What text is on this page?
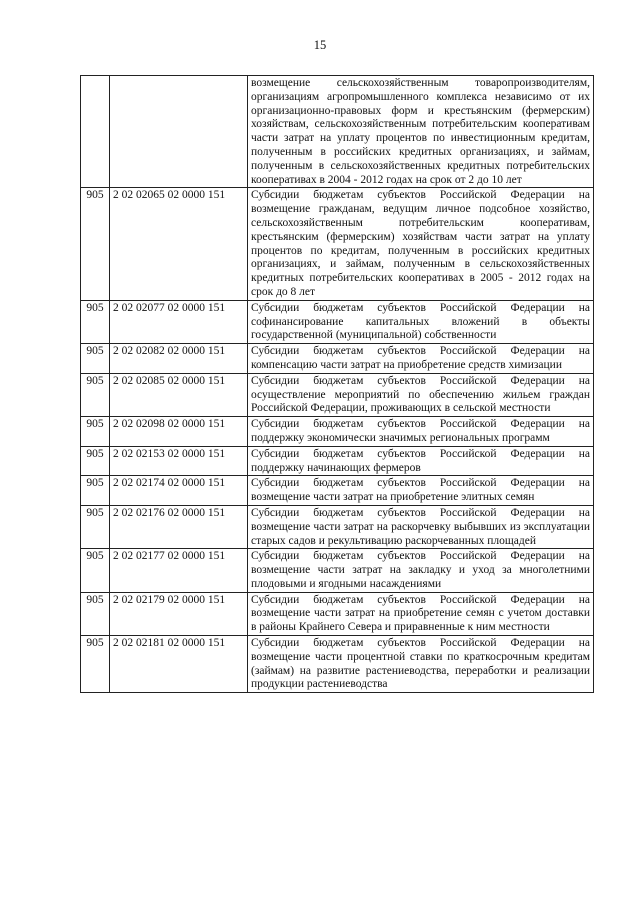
15
		возмещение сельскохозяйственным товаропроизводителям, организациям агропромышленного комплекса независимо от их организационно-правовых форм и крестьянским (фермерским) хозяйствам, сельскохозяйственным потребительским кооперативам части затрат на уплату процентов по инвестиционным кредитам, полученным в российских кредитных организациях, и займам, полученным в сельскохозяйственных кредитных потребительских кооперативах в 2004 - 2012 годах на срок от 2 до 10 лет
905	2 02 02065 02 0000 151	Субсидии бюджетам субъектов Российской Федерации на возмещение гражданам, ведущим личное подсобное хозяйство, сельскохозяйственным потребительским кооперативам, крестьянским (фермерским) хозяйствам части затрат на уплату процентов по кредитам, полученным в российских кредитных организациях, и займам, полученным в сельскохозяйственных кредитных потребительских кооперативах в 2005 - 2012 годах на срок до 8 лет
905	2 02 02077 02 0000 151	Субсидии бюджетам субъектов Российской Федерации на софинансирование капитальных вложений в объекты государственной (муниципальной) собственности
905	2 02 02082 02 0000 151	Субсидии бюджетам субъектов Российской Федерации на компенсацию части затрат на приобретение средств химизации
905	2 02 02085 02 0000 151	Субсидии бюджетам субъектов Российской Федерации на осуществление мероприятий по обеспечению жильем граждан Российской Федерации, проживающих в сельской местности
905	2 02 02098 02 0000 151	Субсидии бюджетам субъектов Российской Федерации на поддержку экономически значимых региональных программ
905	2 02 02153 02 0000 151	Субсидии бюджетам субъектов Российской Федерации на поддержку начинающих фермеров
905	2 02 02174 02 0000 151	Субсидии бюджетам субъектов Российской Федерации на возмещение части затрат на приобретение элитных семян
905	2 02 02176 02 0000 151	Субсидии бюджетам субъектов Российской Федерации на возмещение части затрат на раскорчевку выбывших из эксплуатации старых садов и рекультивацию раскорчеванных площадей
905	2 02 02177 02 0000 151	Субсидии бюджетам субъектов Российской Федерации на возмещение части затрат на закладку и уход за многолетними плодовыми и ягодными насаждениями
905	2 02 02179 02 0000 151	Субсидии бюджетам субъектов Российской Федерации на возмещение части затрат на приобретение семян с учетом доставки в районы Крайнего Севера и приравненные к ним местности
905	2 02 02181 02 0000 151	Субсидии бюджетам субъектов Российской Федерации на возмещение части процентной ставки по краткосрочным кредитам (займам) на развитие растениеводства, переработки и реализации продукции растениеводства
